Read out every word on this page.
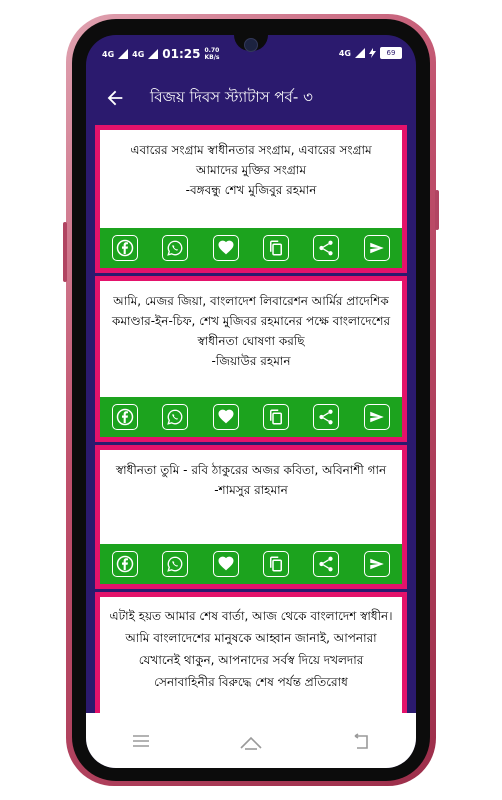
4G 4G 01:25 0.70
KB/s	4G	69
বিজয় দিবস স্ট্যাটাস পর্ব- ৩
এবারের সংগ্রাম স্বাধীনতার সংগ্রাম, এবারের সংগ্রাম আমাদের মুক্তির সংগ্রাম
-বঙ্গবন্ধু শেখ মুজিবুর রহমান
আমি, মেজর জিয়া, বাংলাদেশ লিবারেশন আর্মির প্রাদেশিক কমাণ্ডার-ইন-চিফ, শেখ মুজিবর রহমানের পক্ষে বাংলাদেশের স্বাধীনতা ঘোষণা করছি
-জিয়াউর রহমান
স্বাধীনতা তুমি - রবি ঠাকুরের অজর কবিতা, অবিনাশী গান
-শামসুর রাহমান
এটাই হয়ত আমার শেষ বার্তা, আজ থেকে বাংলাদেশ স্বাধীন। আমি বাংলাদেশের মানুষকে আহ্বান জানাই, আপনারা যেখানেই থাকুন, আপনাদের সর্বস্ব দিয়ে দখলদার সেনাবাহিনীর বিরুদ্ধে শেষ পর্যন্ত প্রতিরোধ
